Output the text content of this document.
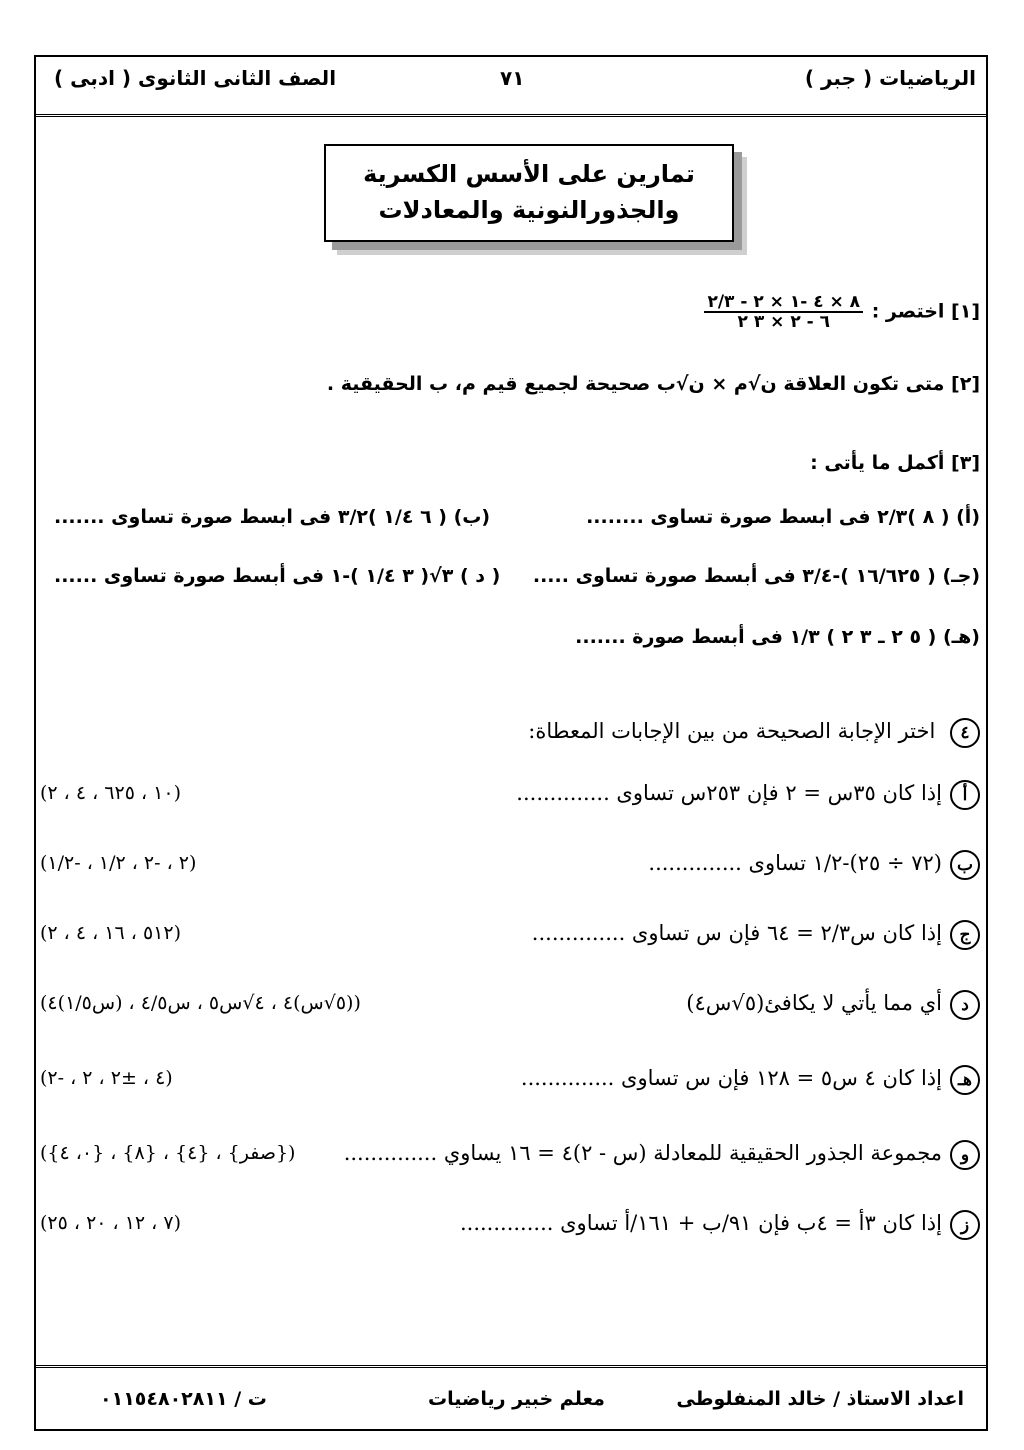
الرياضيات ( جبر )
٧١
الصف الثانى الثانوى ( ادبى )
تمارين على الأسس الكسرية
والجذورالنونية والمعادلات
[١] اختصر :
$\frac{٨ \times ٤ ‑١ \times ٢ ‑ ٢/٣}{٦ ‑ ٢ \times ٣ ٢}$
[٢] متى تكون العلاقة ن√م × ن√ب صحيحة لجميع قيم م، ب الحقيقية .
[٣] أكمل ما يأتى :
(أ) ( ٨ )٢/٣ فى ابسط صورة تساوى ........
(ب) ( ٦ ١/٤ )٣/٢ فى ابسط صورة تساوى .......
(جـ) ( ١٦/٦٢٥ )‑٣/٤ فى أبسط صورة تساوى .....
( د ) ٣√( ٣ ١/٤ )‑١ فى أبسط صورة تساوى ......
(هـ) ( ٥ ٢ ـ ٣ ٢ ) ١/٣ فى أبسط صورة .......
٤ اختر الإجابة الصحيحة من بين الإجابات المعطاة:
أإذا كان ٣٥س = ٢ فإن ٢٥٣س تساوى ..............
(١٠ ، ٦٢٥ ، ٤ ، ٢)
ب(٧٢ ÷ ٢٥)‑١/٢ تساوى ..............
(٢ ، ‑٢ ، ١/٢ ، ‑١/٢)
جإذا كان س٢/٣ = ٦٤ فإن س تساوى ..............
(٥١٢ ، ١٦ ، ٤ ، ٢)
دأي مما يأتي لا يكافئ(٥√س٤)
((٥√س)٤ ، ٤√س٥ ، س٤/٥ ، (س١/٥)٤)
هـإذا كان ٤ س٥ = ١٢٨ فإن س تساوى ..............
(٤ ، ±٢ ، ٢ ، ‑٢)
ومجموعة الجذور الحقيقية للمعادلة (س ‑ ٢)٤ = ١٦ يساوي ..............
({صفر} ، {٤} ، {٨} ، {٠، ٤})
زإذا كان ٣أ = ٤ب فإن ٩١/ب + ١٦١/أ تساوى ..............
(٧ ، ١٢ ، ٢٠ ، ٢٥)
اعداد الاستاذ / خالد المنفلوطى
معلم خبير رياضيات
ت / ٠١١٥٤٨٠٢٨١١
